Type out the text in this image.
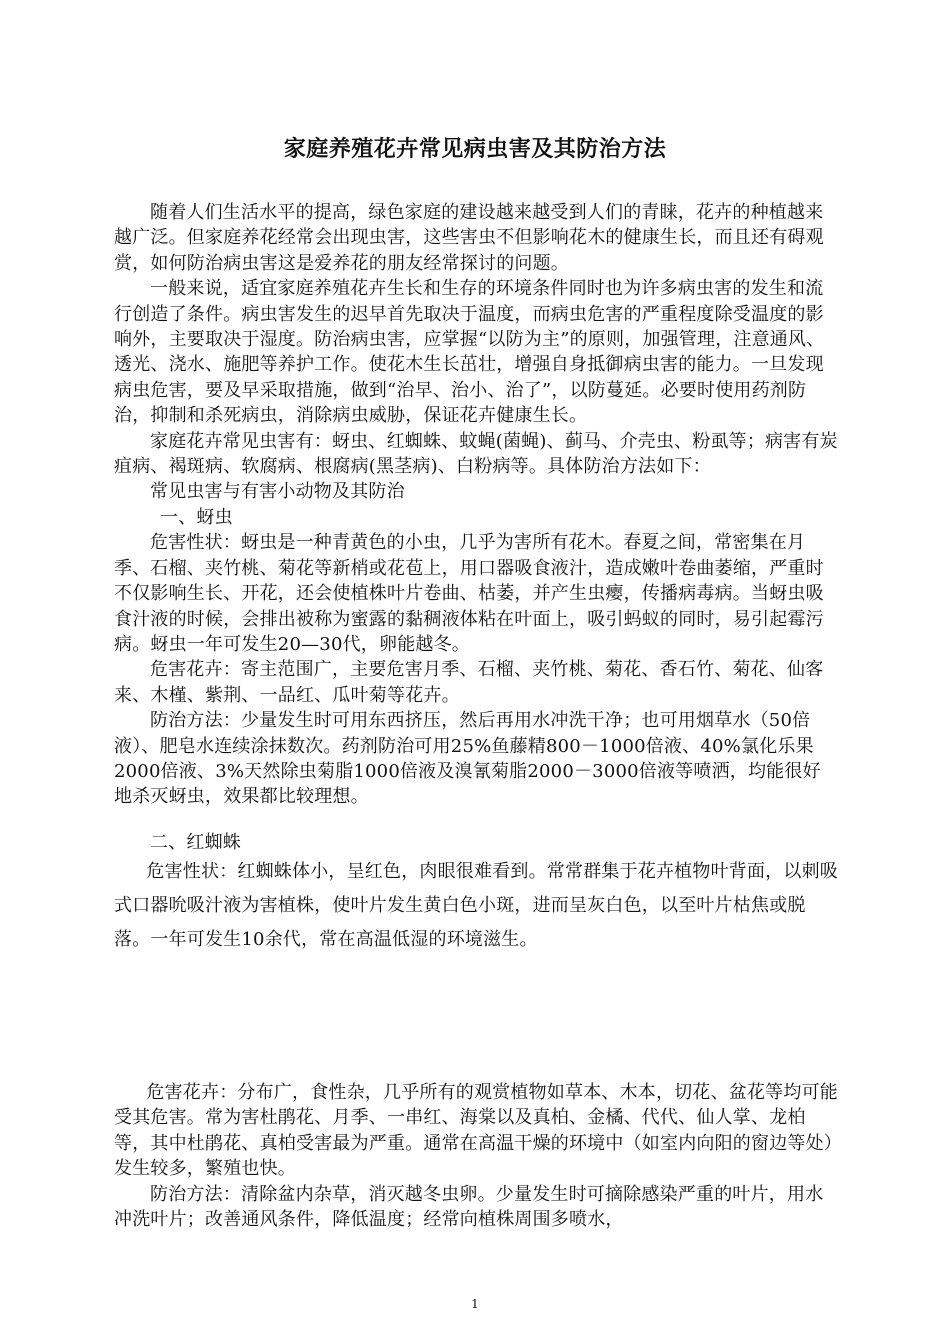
家庭养殖花卉常见病虫害及其防治方法

随着人们生活水平的提高，绿色家庭的建设越来越受到人们的青睐，花卉的种植越来越广泛。但家庭养花经常会出现虫害，这些害虫不但影响花木的健康生长，而且还有碍观赏，如何防治病虫害这是爱养花的朋友经常探讨的问题。

一般来说，适宜家庭养殖花卉生长和生存的环境条件同时也为许多病虫害的发生和流行创造了条件。病虫害发生的迟早首先取决于温度，而病虫危害的严重程度除受温度的影响外，主要取决于湿度。防治病虫害，应掌握“以防为主”的原则，加强管理，注意通风、透光、浇水、施肥等养护工作。使花木生长茁壮，增强自身抵御病虫害的能力。一旦发现病虫危害，要及早采取措施，做到“治早、治小、治了”，以防蔓延。必要时使用药剂防治，抑制和杀死病虫，消除病虫威胁，保证花卉健康生长。

家庭花卉常见虫害有：蚜虫、红蜘蛛、蚊蝇(菌蝇)、蓟马、介壳虫、粉虱等；病害有炭疽病、褐斑病、软腐病、根腐病(黑茎病)、白粉病等。具体防治方法如下：

常见虫害与有害小动物及其防治

一、蚜虫

危害性状：蚜虫是一种青黄色的小虫，几乎为害所有花木。春夏之间，常密集在月季、石榴、夹竹桃、菊花等新梢或花苞上，用口器吸食液汁，造成嫩叶卷曲萎缩，严重时不仅影响生长、开花，还会使植株叶片卷曲、枯萎，并产生虫瘿，传播病毒病。当蚜虫吸食汁液的时候，会排出被称为蜜露的黏稠液体粘在叶面上，吸引蚂蚁的同时，易引起霉污病。蚜虫一年可发生20—30代，卵能越冬。

危害花卉：寄主范围广，主要危害月季、石榴、夹竹桃、菊花、香石竹、菊花、仙客来、木槿、紫荆、一品红、瓜叶菊等花卉。

防治方法：少量发生时可用东西挤压，然后再用水冲洗干净；也可用烟草水（50倍液）、肥皂水连续涂抹数次。药剂防治可用25%鱼藤精800－1000倍液、40%氯化乐果2000倍液、3%天然除虫菊脂1000倍液及溴氰菊脂2000－3000倍液等喷洒，均能很好地杀灭蚜虫，效果都比较理想。

二、红蜘蛛

危害性状：红蜘蛛体小，呈红色，肉眼很难看到。常常群集于花卉植物叶背面，以刺吸式口器吮吸汁液为害植株，使叶片发生黄白色小斑，进而呈灰白色，以至叶片枯焦或脱落。一年可发生10余代，常在高温低湿的环境滋生。

危害花卉：分布广，食性杂，几乎所有的观赏植物如草本、木本，切花、盆花等均可能受其危害。常为害杜鹃花、月季、一串红、海棠以及真柏、金橘、代代、仙人掌、龙柏等，其中杜鹃花、真柏受害最为严重。通常在高温干燥的环境中（如室内向阳的窗边等处）发生较多，繁殖也快。

防治方法：清除盆内杂草，消灭越冬虫卵。少量发生时可摘除感染严重的叶片，用水冲洗叶片；改善通风条件，降低温度；经常向植株周围多喷水，

1
